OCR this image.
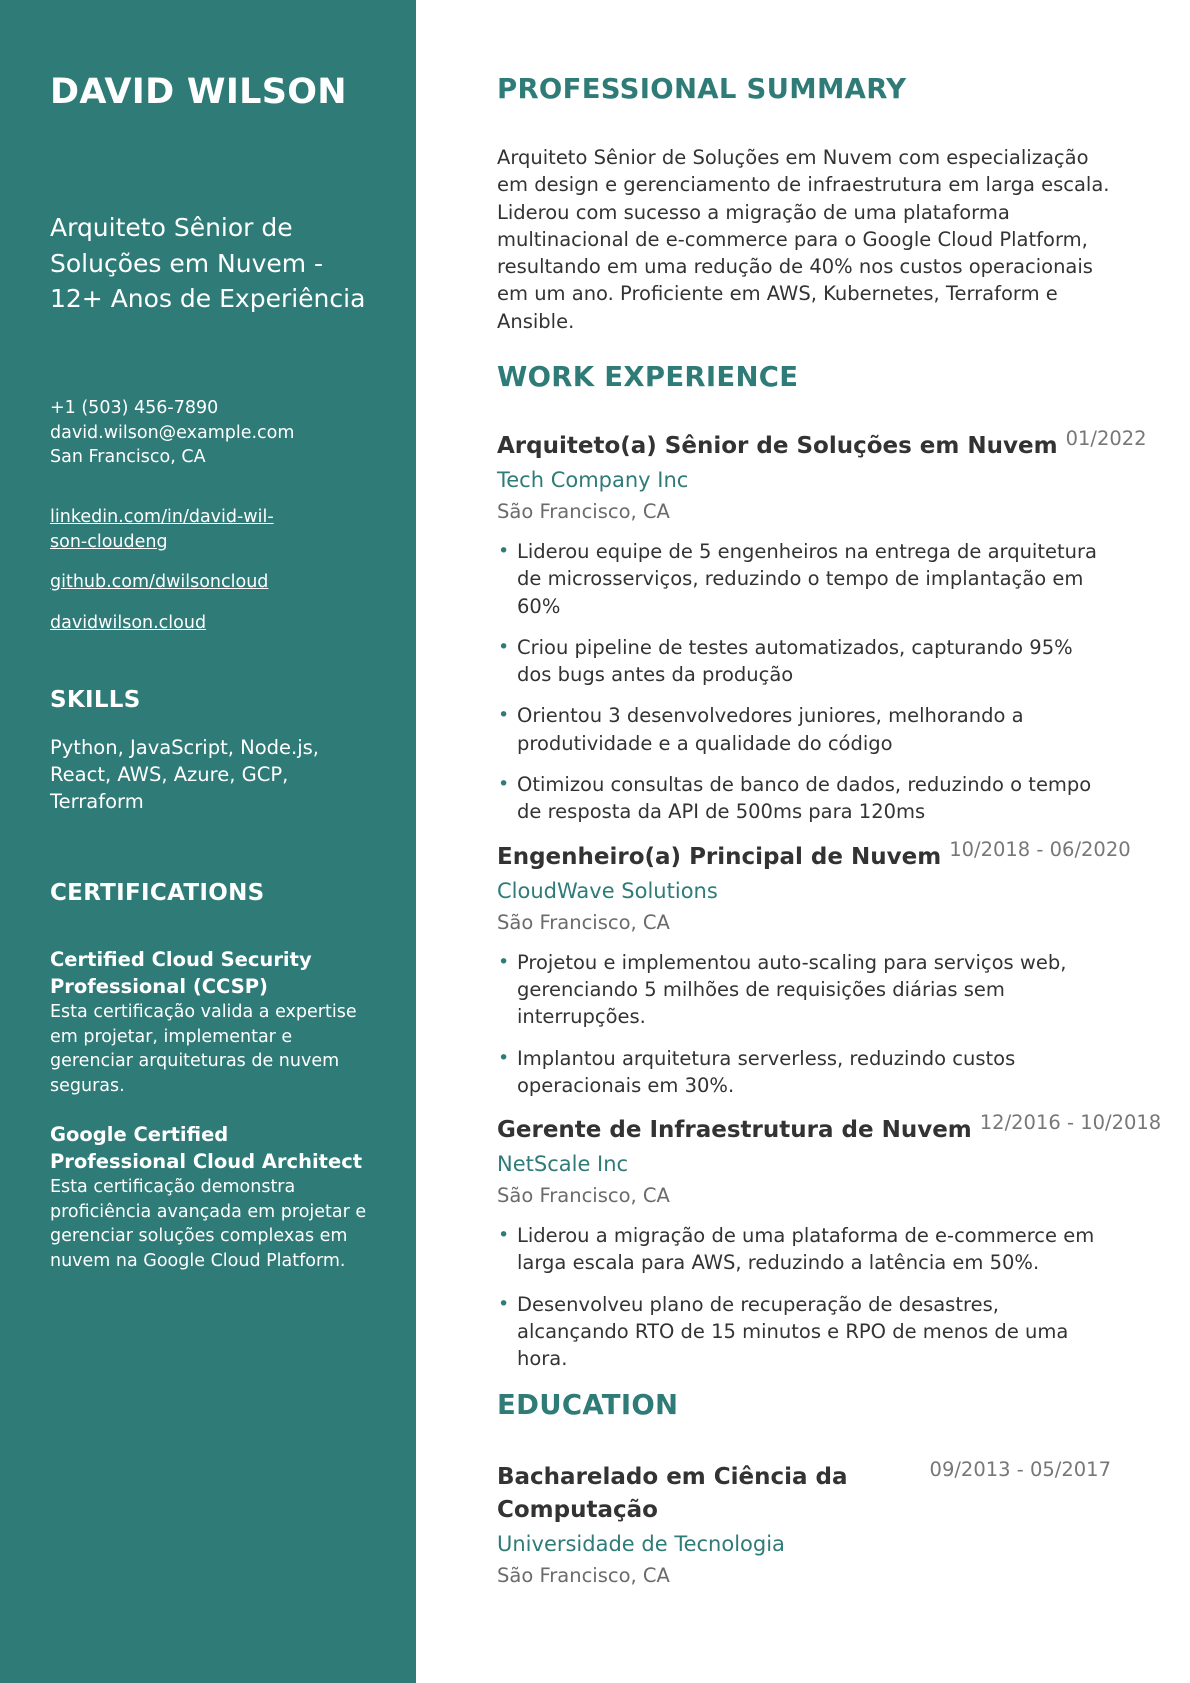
DAVID WILSON
Arquiteto Sênior de Soluções em Nuvem - 12+ Anos de Experiência
+1 (503) 456-7890
david.wilson@example.com
San Francisco, CA
linkedin.com/in/david-wil-
son-cloudeng
github.com/dwilsoncloud
davidwilson.cloud
SKILLS
Python, JavaScript, Node.js, React, AWS, Azure, GCP, Terraform
CERTIFICATIONS
Certified Cloud Security Professional (CCSP)
Esta certificação valida a expertise em projetar, implementar e gerenciar arquiteturas de nuvem seguras.
Google Certified Professional Cloud Architect
Esta certificação demonstra proficiência avançada em projetar e gerenciar soluções complexas em nuvem na Google Cloud Platform.
PROFESSIONAL SUMMARY

Arquiteto Sênior de Soluções em Nuvem com especialização em design e gerenciamento de infraestrutura em larga escala. Liderou com sucesso a migração de uma plataforma multinacional de e-commerce para o Google Cloud Platform, resultando em uma redução de 40% nos custos operacionais em um ano. Proficiente em AWS, Kubernetes, Terraform e Ansible.

WORK EXPERIENCE
Arquiteto(a) Sênior de Soluções em Nuvem 01/2022
Tech Company Inc
São Francisco, CA
• Liderou equipe de 5 engenheiros na entrega de arquitetura de microsserviços, reduzindo o tempo de implantação em 60%
• Criou pipeline de testes automatizados, capturando 95% dos bugs antes da produção
• Orientou 3 desenvolvedores juniores, melhorando a produtividade e a qualidade do código
• Otimizou consultas de banco de dados, reduzindo o tempo de resposta da API de 500ms para 120ms
Engenheiro(a) Principal de Nuvem 10/2018 - 06/2020
CloudWave Solutions
São Francisco, CA
• Projetou e implementou auto-scaling para serviços web, gerenciando 5 milhões de requisições diárias sem interrupções.
• Implantou arquitetura serverless, reduzindo custos operacionais em 30%.
Gerente de Infraestrutura de Nuvem 12/2016 - 10/2018
NetScale Inc
São Francisco, CA
• Liderou a migração de uma plataforma de e-commerce em larga escala para AWS, reduzindo a latência em 50%.
• Desenvolveu plano de recuperação de desastres, alcançando RTO de 15 minutos e RPO de menos de uma hora.
EDUCATION
Bacharelado em Ciência da Computação
09/2013 - 05/2017
Universidade de Tecnologia
São Francisco, CA
